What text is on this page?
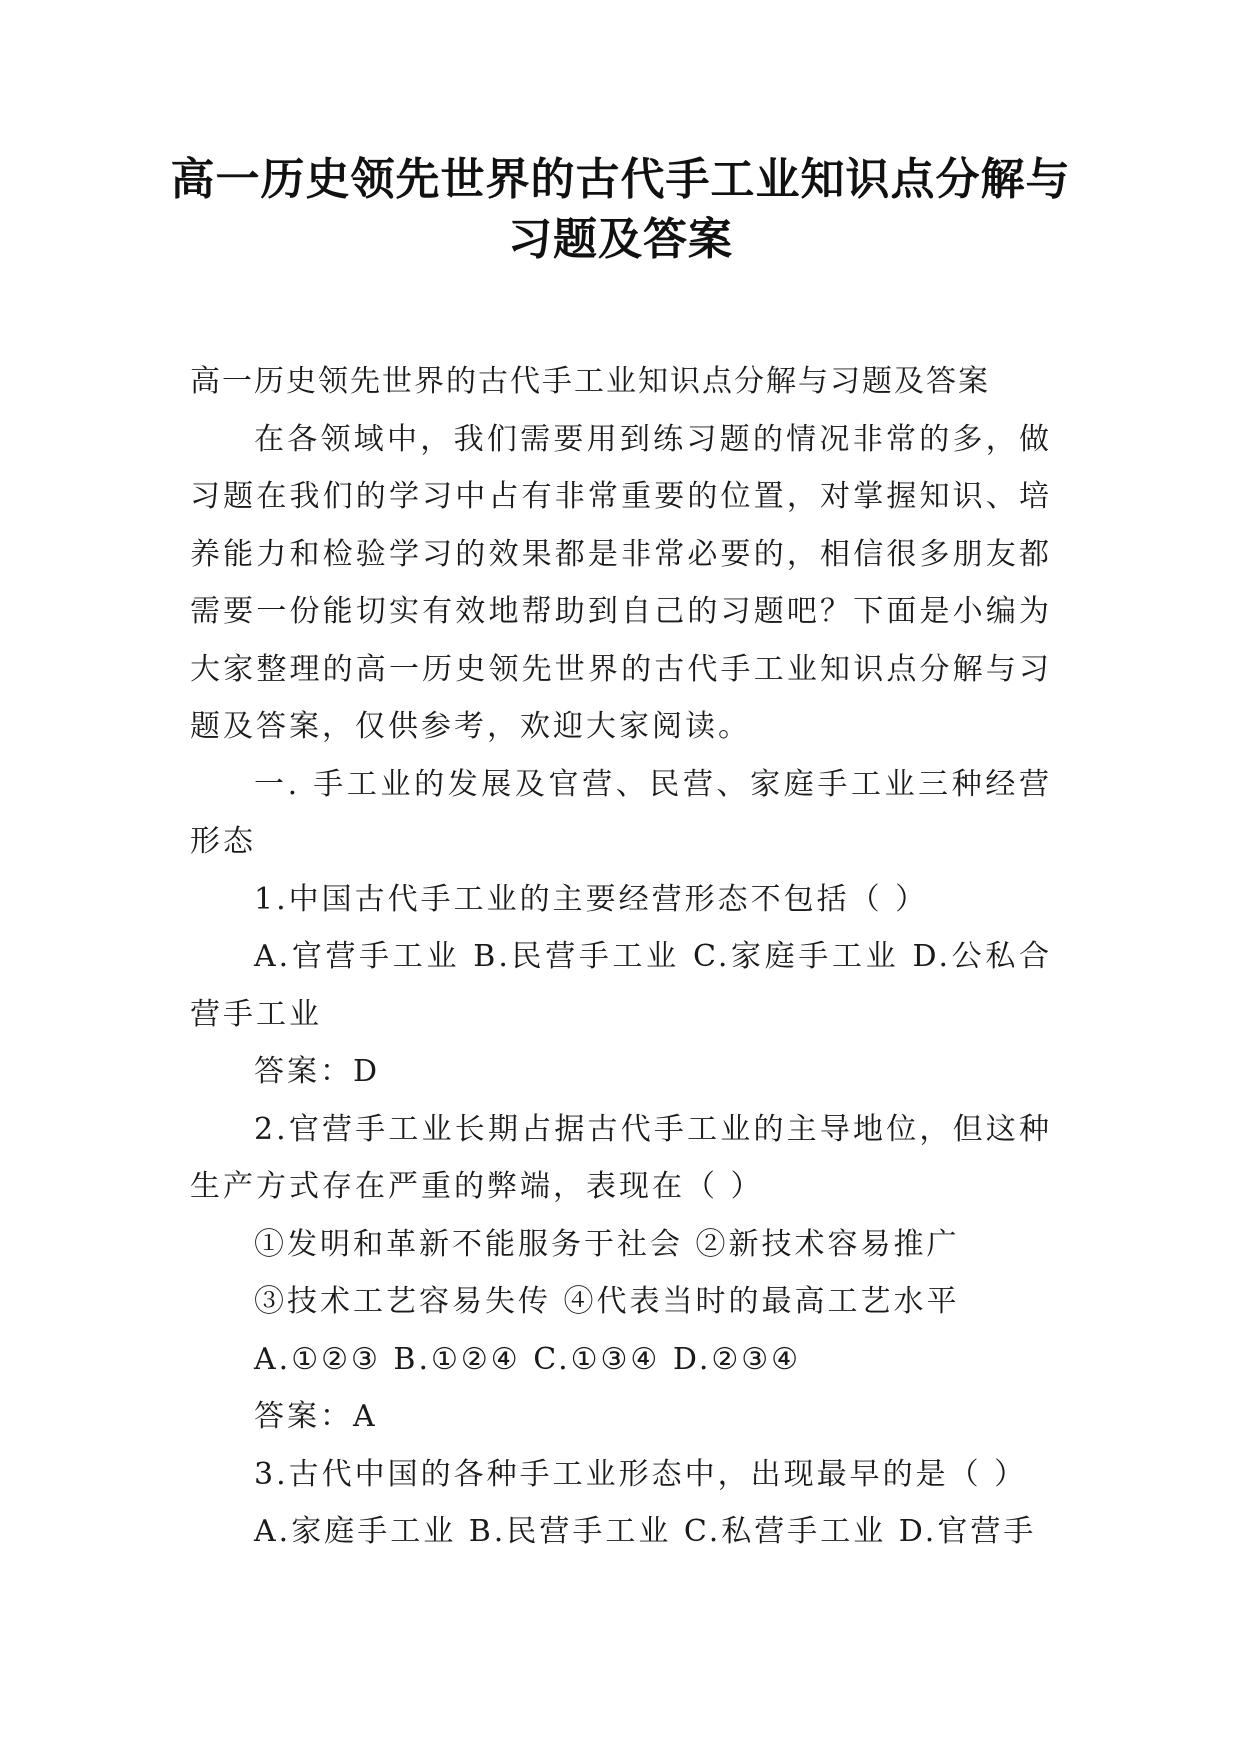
高一历史领先世界的古代手工业知识点分解与习题及答案

高一历史领先世界的古代手工业知识点分解与习题及答案

在各领域中，我们需要用到练习题的情况非常的多，做习题在我们的学习中占有非常重要的位置，对掌握知识、培养能力和检验学习的效果都是非常必要的，相信很多朋友都需要一份能切实有效地帮助到自己的习题吧？下面是小编为大家整理的高一历史领先世界的古代手工业知识点分解与习题及答案，仅供参考，欢迎大家阅读。

一. 手工业的发展及官营、民营、家庭手工业三种经营形态

1.中国古代手工业的主要经营形态不包括（ ）

A.官营手工业 B.民营手工业 C.家庭手工业 D.公私合营手工业

答案：D

2.官营手工业长期占据古代手工业的主导地位，但这种生产方式存在严重的弊端，表现在（ ）

①发明和革新不能服务于社会 ②新技术容易推广

③技术工艺容易失传 ④代表当时的最高工艺水平

A.①②③ B.①②④ C.①③④ D.②③④

答案：A

3.古代中国的各种手工业形态中，出现最早的是（ ）

A.家庭手工业 B.民营手工业 C.私营手工业 D.官营手
